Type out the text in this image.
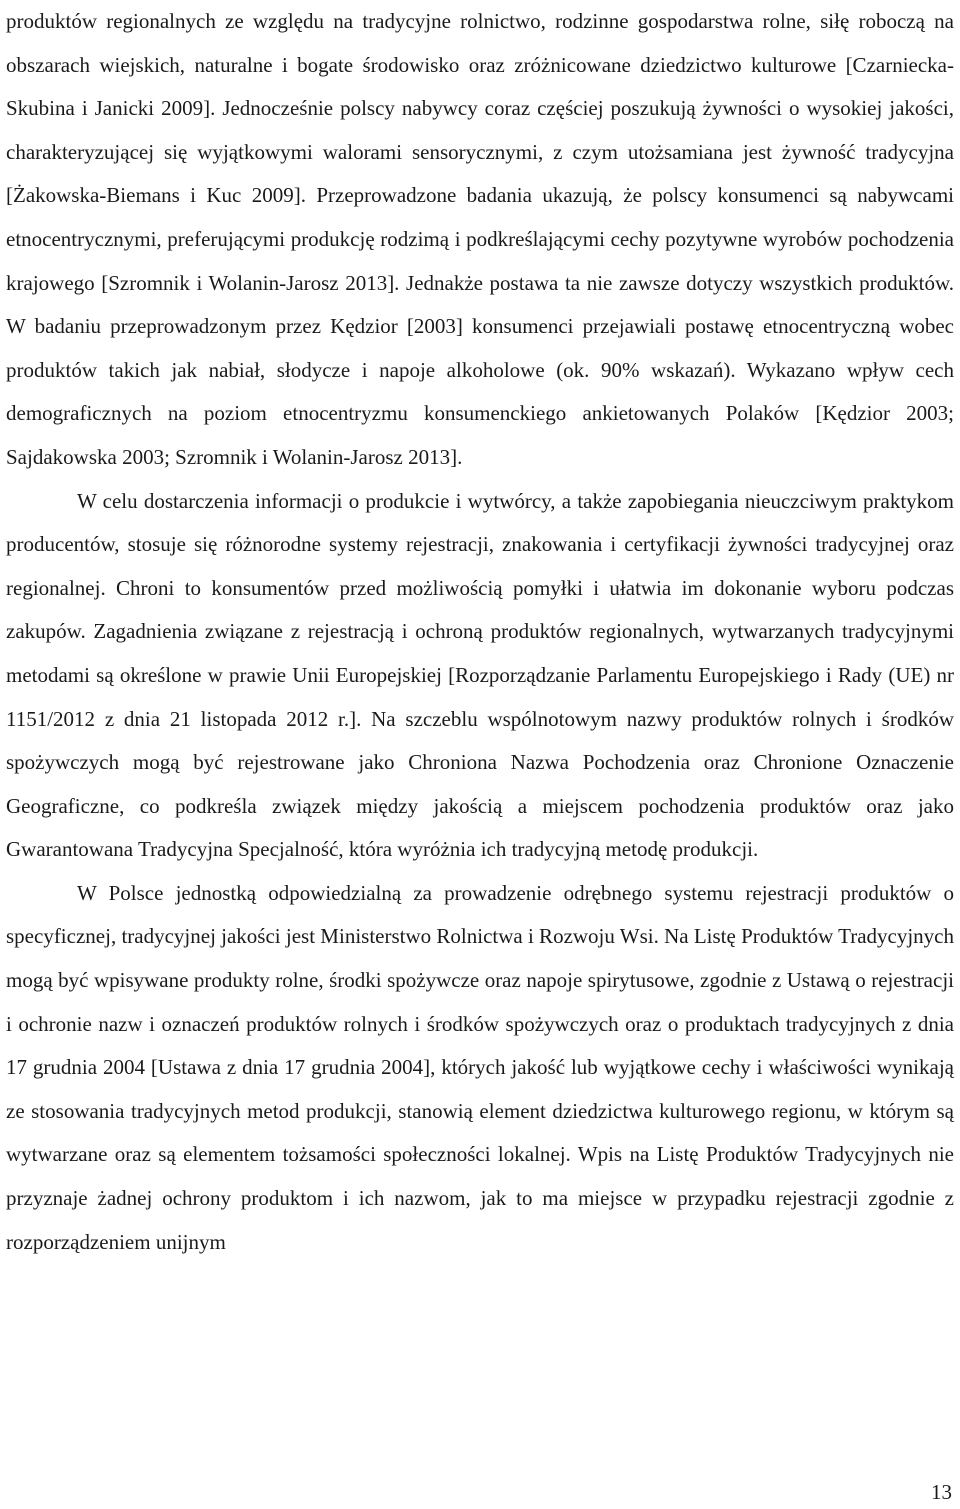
produktów regionalnych ze względu na tradycyjne rolnictwo, rodzinne gospodarstwa rolne, siłę roboczą na obszarach wiejskich, naturalne i bogate środowisko oraz zróżnicowane dziedzictwo kulturowe [Czarniecka-Skubina i Janicki 2009]. Jednocześnie polscy nabywcy coraz częściej poszukują żywności o wysokiej jakości, charakteryzującej się wyjątkowymi walorami sensorycznymi, z czym utożsamiana jest żywność tradycyjna [Żakowska-Biemans i Kuc 2009]. Przeprowadzone badania ukazują, że polscy konsumenci są nabywcami etnocentrycznymi, preferującymi produkcję rodzimą i podkreślającymi cechy pozytywne wyrobów pochodzenia krajowego [Szromnik i Wolanin-Jarosz 2013]. Jednakże postawa ta nie zawsze dotyczy wszystkich produktów. W badaniu przeprowadzonym przez Kędzior [2003] konsumenci przejawiali postawę etnocentryczną wobec produktów takich jak nabiał, słodycze i napoje alkoholowe (ok. 90% wskazań). Wykazano wpływ cech demograficznych na poziom etnocentryzmu konsumenckiego ankietowanych Polaków [Kędzior 2003; Sajdakowska 2003; Szromnik i Wolanin-Jarosz 2013].

W celu dostarczenia informacji o produkcie i wytwórcy, a także zapobiegania nieuczciwym praktykom producentów, stosuje się różnorodne systemy rejestracji, znakowania i certyfikacji żywności tradycyjnej oraz regionalnej. Chroni to konsumentów przed możliwością pomyłki i ułatwia im dokonanie wyboru podczas zakupów. Zagadnienia związane z rejestracją i ochroną produktów regionalnych, wytwarzanych tradycyjnymi metodami są określone w prawie Unii Europejskiej [Rozporządzanie Parlamentu Europejskiego i Rady (UE) nr 1151/2012 z dnia 21 listopada 2012 r.]. Na szczeblu wspólnotowym nazwy produktów rolnych i środków spożywczych mogą być rejestrowane jako Chroniona Nazwa Pochodzenia oraz Chronione Oznaczenie Geograficzne, co podkreśla związek między jakością a miejscem pochodzenia produktów oraz jako Gwarantowana Tradycyjna Specjalność, która wyróżnia ich tradycyjną metodę produkcji.

W Polsce jednostką odpowiedzialną za prowadzenie odrębnego systemu rejestracji produktów o specyficznej, tradycyjnej jakości jest Ministerstwo Rolnictwa i Rozwoju Wsi. Na Listę Produktów Tradycyjnych mogą być wpisywane produkty rolne, środki spożywcze oraz napoje spirytusowe, zgodnie z Ustawą o rejestracji i ochronie nazw i oznaczeń produktów rolnych i środków spożywczych oraz o produktach tradycyjnych z dnia 17 grudnia 2004 [Ustawa z dnia 17 grudnia 2004], których jakość lub wyjątkowe cechy i właściwości wynikają ze stosowania tradycyjnych metod produkcji, stanowią element dziedzictwa kulturowego regionu, w którym są wytwarzane oraz są elementem tożsamości społeczności lokalnej. Wpis na Listę Produktów Tradycyjnych nie przyznaje żadnej ochrony produktom i ich nazwom, jak to ma miejsce w przypadku rejestracji zgodnie z rozporządzeniem unijnym

13
